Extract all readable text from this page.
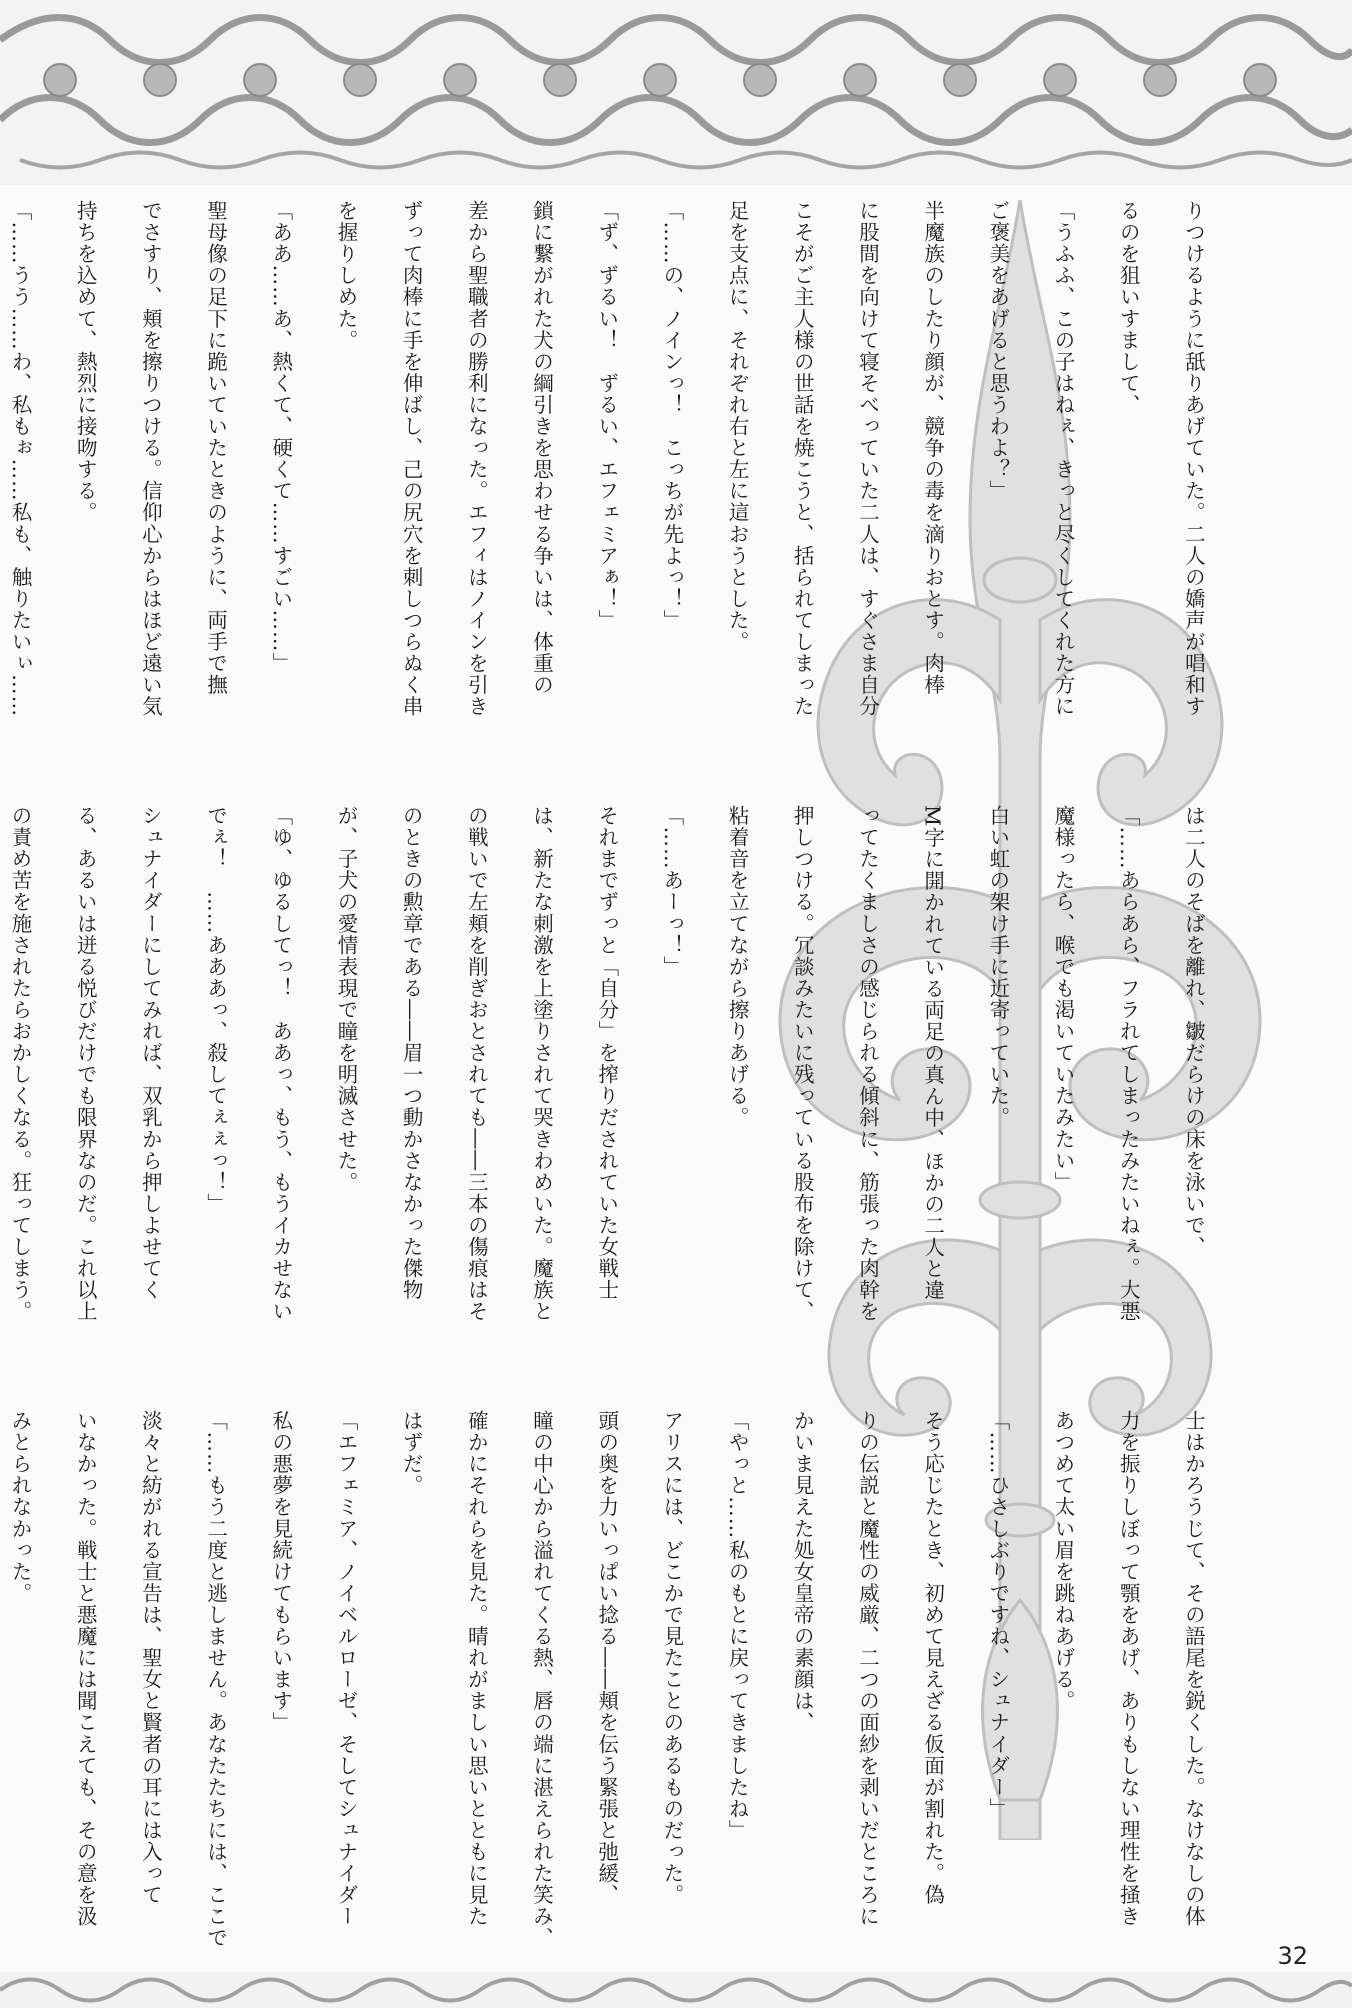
りつけるように舐りあげていた。二人の嬌声が唱和す

るのを狙いすまして、

「うふふ、この子はねぇ、きっと尽くしてくれた方に

ご褒美をあげると思うわよ？」

半魔族のしたり顔が、競争の毒を滴りおとす。肉棒

に股間を向けて寝そべっていた二人は、すぐさま自分

こそがご主人様の世話を焼こうと、括られてしまった

足を支点に、それぞれ右と左に這おうとした。

「……の、ノインっ！　こっちが先よっ！」

「ず、ずるい！　ずるい、エフェミアぁ！」

鎖に繋がれた犬の綱引きを思わせる争いは、体重の

差から聖職者の勝利になった。エフィはノインを引き

ずって肉棒に手を伸ばし、己の尻穴を刺しつらぬく串

を握りしめた。

「ああ……あ、熱くて、硬くて……すごい……」

聖母像の足下に跪いていたときのように、両手で撫

でさすり、頬を擦りつける。信仰心からはほど遠い気

持ちを込めて、熱烈に接吻する。

「……うう……わ、私もぉ……私も、触りたいぃ……

は二人のそばを離れ、皺だらけの床を泳いで、

「……あらあら、フラれてしまったみたいねぇ。大悪

魔様ったら、喉でも渇いていたみたい」

白い虹の架け手に近寄っていた。

M字に開かれている両足の真ん中、ほかの二人と違

ってたくましさの感じられる傾斜に、筋張った肉幹を

押しつける。冗談みたいに残っている股布を除けて、

粘着音を立てながら擦りあげる。

「……あーっ！」

それまでずっと「自分」を搾りだされていた女戦士

は、新たな刺激を上塗りされて哭きわめいた。魔族と

の戦いで左頬を削ぎおとされても――三本の傷痕はそ

のときの勲章である――眉一つ動かさなかった傑物

が、子犬の愛情表現で瞳を明滅させた。

「ゆ、ゆるしてっ！　ああっ、もう、もうイカせない

でぇ！　……あああっ、殺してぇぇっ！」

シュナイダーにしてみれば、双乳から押しよせてく

る、あるいは迸る悦びだけでも限界なのだ。これ以上

の責め苦を施されたらおかしくなる。狂ってしまう。

士はかろうじて、その語尾を鋭くした。なけなしの体

力を振りしぼって顎をあげ、ありもしない理性を掻き

あつめて太い眉を跳ねあげる。

「……ひさしぶりですね、シュナイダー」

そう応じたとき、初めて見えざる仮面が割れた。偽

りの伝説と魔性の威厳、二つの面紗を剥いだところに

かいま見えた処女皇帝の素顔は、

「やっと……私のもとに戻ってきましたね」

アリスには、どこかで見たことのあるものだった。

頭の奥を力いっぱい捻る――頬を伝う緊張と弛緩、

瞳の中心から溢れてくる熱、唇の端に湛えられた笑み、

確かにそれらを見た。晴れがましい思いとともに見た

はずだ。

「エフェミア、ノイベルローゼ、そしてシュナイダー

私の悪夢を見続けてもらいます」

「……もう二度と逃しません。あなたたちには、ここで

淡々と紡がれる宣告は、聖女と賢者の耳には入って

いなかった。戦士と悪魔には聞こえても、その意を汲

みとられなかった。

32
